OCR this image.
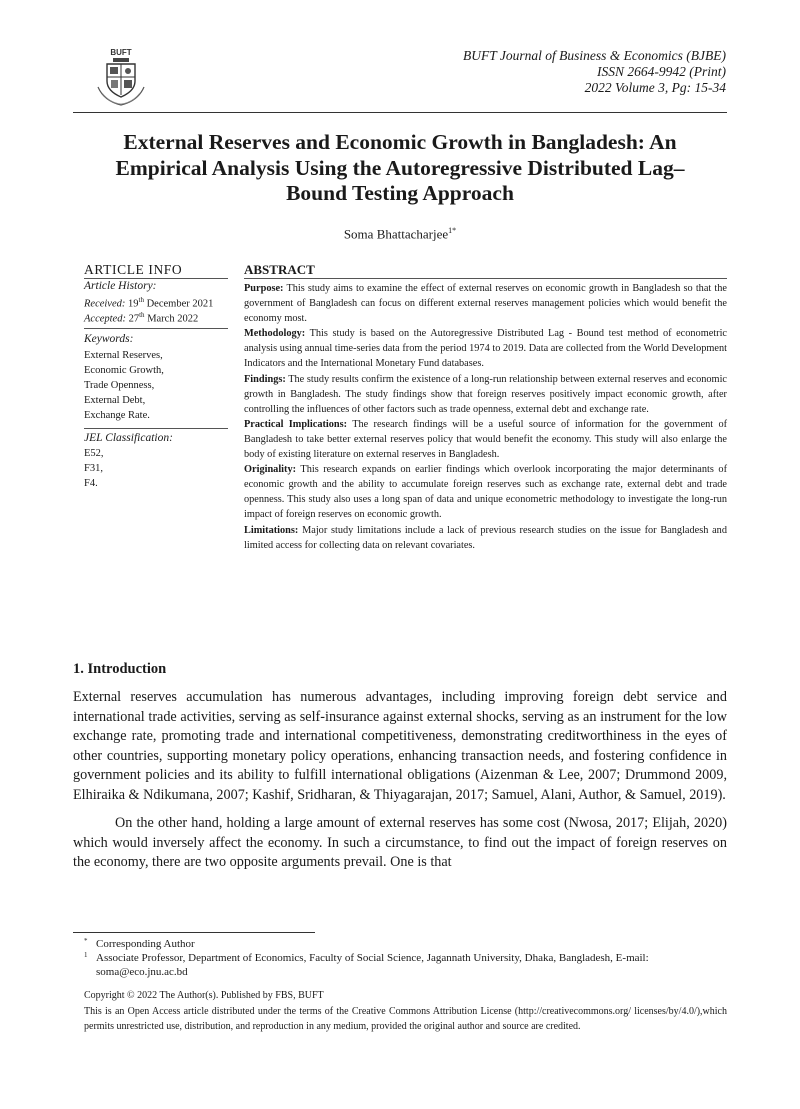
BUFT	BUFT Journal of Business & Economics (BJBE)
ISSN 2664-9942 (Print)
2022 Volume 3, Pg: 15-34
External Reserves and Economic Growth in Bangladesh: An Empirical Analysis Using the Autoregressive Distributed Lag–Bound Testing Approach
Soma Bhattacharjee$^{1*}$
ARTICLE INFO
Article History:
Received: 19th December 2021
Accepted: 27th March 2022
Keywords:
External Reserves,
Economic Growth,
Trade Openness,
External Debt,
Exchange Rate.
JEL Classification:
E52,
F31,
F4.
ABSTRACT

Purpose: This study aims to examine the effect of external reserves on economic growth in Bangladesh so that the government of Bangladesh can focus on different external reserves management policies which would benefit the economy most.

Methodology: This study is based on the Autoregressive Distributed Lag - Bound test method of econometric analysis using annual time-series data from the period 1974 to 2019. Data are collected from the World Development Indicators and the International Monetary Fund databases.

Findings: The study results confirm the existence of a long-run relationship between external reserves and economic growth in Bangladesh. The study findings show that foreign reserves positively impact economic growth, after controlling the influences of other factors such as trade openness, external debt and exchange rate.

Practical Implications: The research findings will be a useful source of information for the government of Bangladesh to take better external reserves policy that would benefit the economy. This study will also enlarge the body of existing literature on external reserves in Bangladesh.

Originality: This research expands on earlier findings which overlook incorporating the major determinants of economic growth and the ability to accumulate foreign reserves such as exchange rate, external debt and trade openness. This study also uses a long span of data and unique econometric methodology to investigate the long-run impact of foreign reserves on economic growth.

Limitations: Major study limitations include a lack of previous research studies on the issue for Bangladesh and limited access for collecting data on relevant covariates.

1. Introduction

External reserves accumulation has numerous advantages, including improving foreign debt service and international trade activities, serving as self-insurance against external shocks, serving as an instrument for the low exchange rate, promoting trade and international competitiveness, demonstrating creditworthiness in the eyes of other countries, supporting monetary policy operations, enhancing transaction needs, and fostering confidence in government policies and its ability to fulfill international obligations (Aizenman & Lee, 2007; Drummond 2009, Elhiraika & Ndikumana, 2007; Kashif, Sridharan, & Thiyagarajan, 2017; Samuel, Alani, Author, & Samuel, 2019).

On the other hand, holding a large amount of external reserves has some cost (Nwosa, 2017; Elijah, 2020) which would inversely affect the economy. In such a circumstance, to find out the impact of foreign reserves on the economy, there are two opposite arguments prevail. One is that

* Corresponding Author
1 Associate Professor, Department of Economics, Faculty of Social Science, Jagannath University, Dhaka, Bangladesh, E-mail: soma@eco.jnu.ac.bd
Copyright © 2022 The Author(s). Published by FBS, BUFT
This is an Open Access article distributed under the terms of the Creative Commons Attribution License (http://creativecommons.org/ licenses/by/4.0/),which permits unrestricted use, distribution, and reproduction in any medium, provided the original author and source are credited.
